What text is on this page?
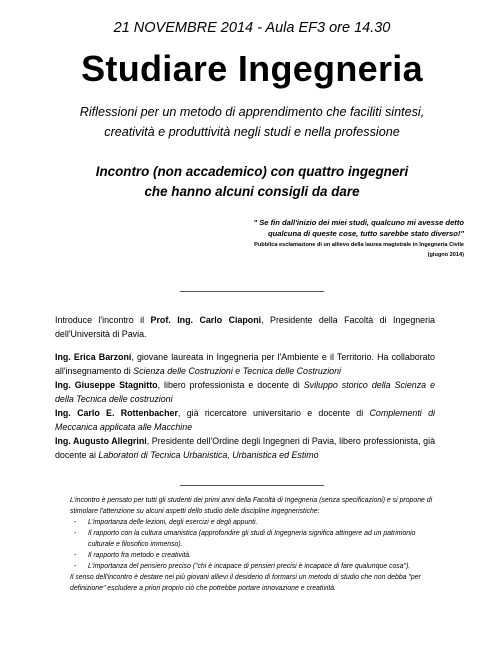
21 NOVEMBRE 2014 - Aula EF3 ore 14.30
Studiare Ingegneria
Riflessioni per un metodo di apprendimento che faciliti sintesi,
creatività e produttività negli studi e nella professione
Incontro (non accademico) con quattro ingegneri
che hanno alcuni consigli da dare
" Se fin dall'inizio dei miei studi, qualcuno mi avesse detto
qualcuna di queste cose, tutto sarebbe stato diverso!"
Pubblica esclamazione di un allievo della laurea magistrale in Ingegneria Civile
(giugno 2014)

Introduce l'incontro il Prof. Ing. Carlo Ciaponi, Presidente della Facoltà di Ingegneria dell'Università di Pavia.

Ing. Erica Barzoni, giovane laureata in Ingegneria per l'Ambiente e il Territorio. Ha collaborato all'insegnamento di Scienza delle Costruzioni e Tecnica delle Costruzioni

Ing. Giuseppe Stagnitto, libero professionista e docente di Sviluppo storico della Scienza e della Tecnica delle costruzioni

Ing. Carlo E. Rottenbacher, già ricercatore universitario e docente di Complementi di Meccanica applicata alle Macchine

Ing. Augusto Allegrini, Presidente dell'Ordine degli Ingegneri di Pavia, libero professionista, già docente ai Laboratori di Tecnica Urbanistica, Urbanistica ed Estimo

L'incontro è pensato per tutti gli studenti dei primi anni della Facoltà di Ingegneria (senza specificazioni) e si propone di stimolare l'attenzione su alcuni aspetti dello studio delle discipline ingegneristiche:

- L'importanza delle lezioni, degli esercizi e degli appunti.
- Il rapporto con la cultura umanistica (approfondire gli studi di Ingegneria significa attingere ad un patrimonio culturale e filosofico immenso).
- Il rapporto fra metodo e creatività.
- L'importanza del pensiero preciso ("chi è incapace di pensieri precisi è incapace di fare qualunque cosa").

Il senso dell'incontro è destare nei più giovani allievi il desiderio di formarsi un metodo di studio che non debba "per definizione" escludere a priori proprio ciò che potrebbe portare innovazione e creatività.
